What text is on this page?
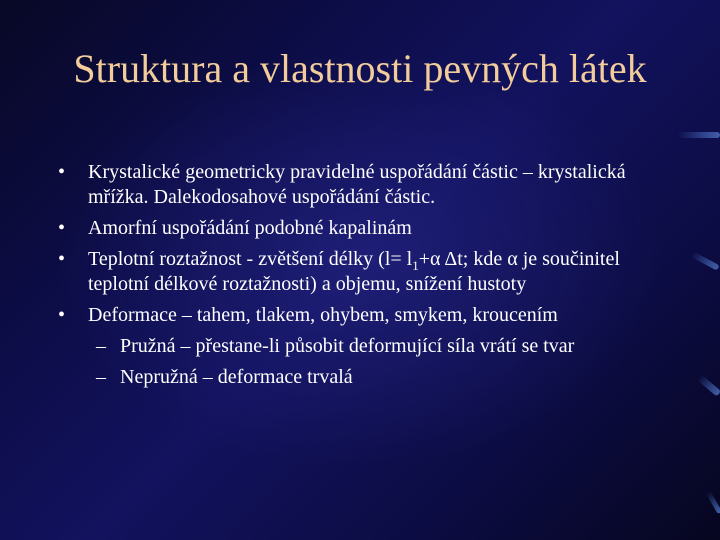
Struktura a vlastnosti pevných látek
•	Krystalické geometricky pravidelné uspořádání částic – krystalická mřížka. Dalekodosahové uspořádání částic.
•	Amorfní uspořádání podobné kapalinám
•	Teplotní roztažnost - zvětšení délky ($l= l_1+\alpha$ Δt; kde α je součinitel teplotní délkové roztažnosti) a objemu, snížení hustoty
•	Deformace – tahem, tlakem, ohybem, smykem, kroucením
– Pružná – přestane-li působit deformující síla vrátí se tvar
– Nepružná – deformace trvalá
